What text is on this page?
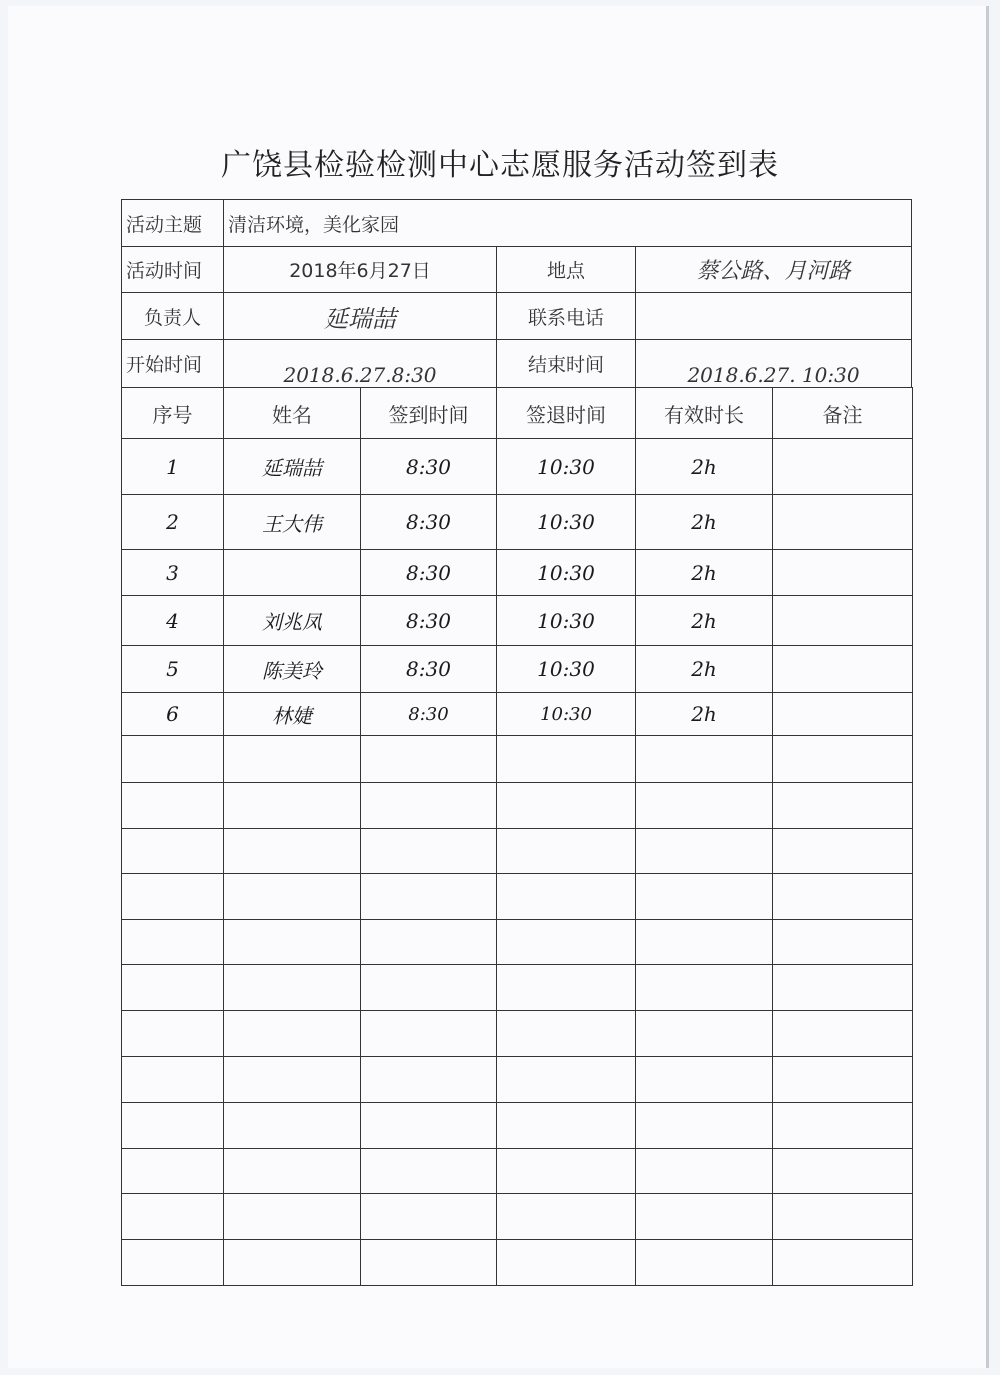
广饶县检验检测中心志愿服务活动签到表
活动主题	清洁环境，美化家园		
活动时间	2018年6月27日	地点	蔡公路、月河路
负责人	延瑞喆	联系电话	
开始时间	2018.6.27.8:30	结束时间	2018.6.27. 10:30
序号	姓名	签到时间	签退时间	有效时长	备注
1	延瑞喆	8:30	10:30	2h	
2	王大伟	8:30	10:30	2h	
3		8:30	10:30	2h	
4	刘兆凤	8:30	10:30	2h	
5	陈美玲	8:30	10:30	2h	
6	林婕	8:30	10:30	2h	
